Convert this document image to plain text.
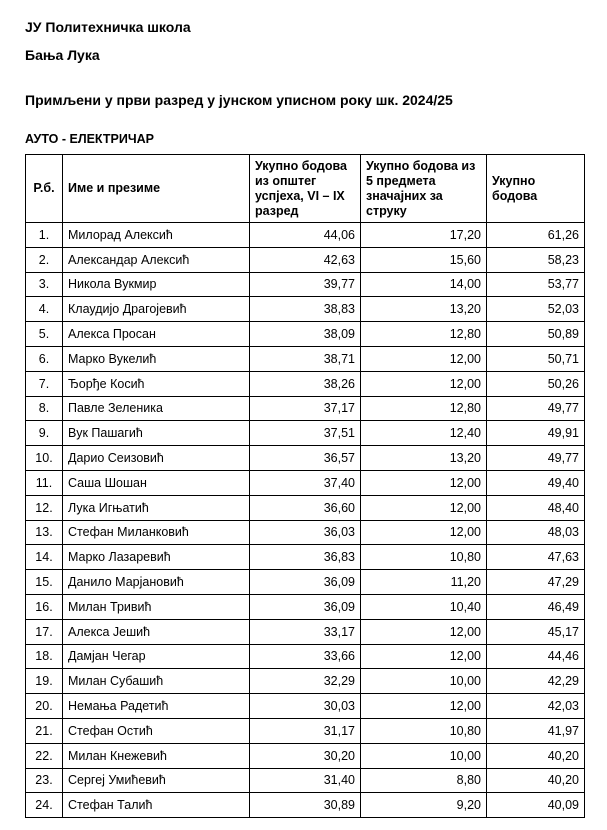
ЈУ Политехничка школа
Бања Лука
Примљени у први разред у јунском уписном року шк. 2024/25
АУТО - ЕЛЕКТРИЧАР
Р.б.	Име и презиме	Укупно бодова из општег успјеха, VI – IX разред	Укупно бодова из 5 предмета значајних за струку	Укупно бодова
1.	Милорад Алексић	44,06	17,20	61,26
2.	Александар Алексић	42,63	15,60	58,23
3.	Никола Вукмир	39,77	14,00	53,77
4.	Клаудијо Драгојевић	38,83	13,20	52,03
5.	Алекса Просан	38,09	12,80	50,89
6.	Марко Вукелић	38,71	12,00	50,71
7.	Ђорђе Косић	38,26	12,00	50,26
8.	Павле Зеленика	37,17	12,80	49,77
9.	Вук Пашагић	37,51	12,40	49,91
10.	Дарио Сеизовић	36,57	13,20	49,77
11.	Саша Шошан	37,40	12,00	49,40
12.	Лука Игњатић	36,60	12,00	48,40
13.	Стефан Миланковић	36,03	12,00	48,03
14.	Марко Лазаревић	36,83	10,80	47,63
15.	Данило Марјановић	36,09	11,20	47,29
16.	Милан Тривић	36,09	10,40	46,49
17.	Алекса Јешић	33,17	12,00	45,17
18.	Дамјан Чегар	33,66	12,00	44,46
19.	Милан Субашић	32,29	10,00	42,29
20.	Немања Радетић	30,03	12,00	42,03
21.	Стефан Остић	31,17	10,80	41,97
22.	Милан Кнежевић	30,20	10,00	40,20
23.	Сергеј Умићевић	31,40	8,80	40,20
24.	Стефан Талић	30,89	9,20	40,09
